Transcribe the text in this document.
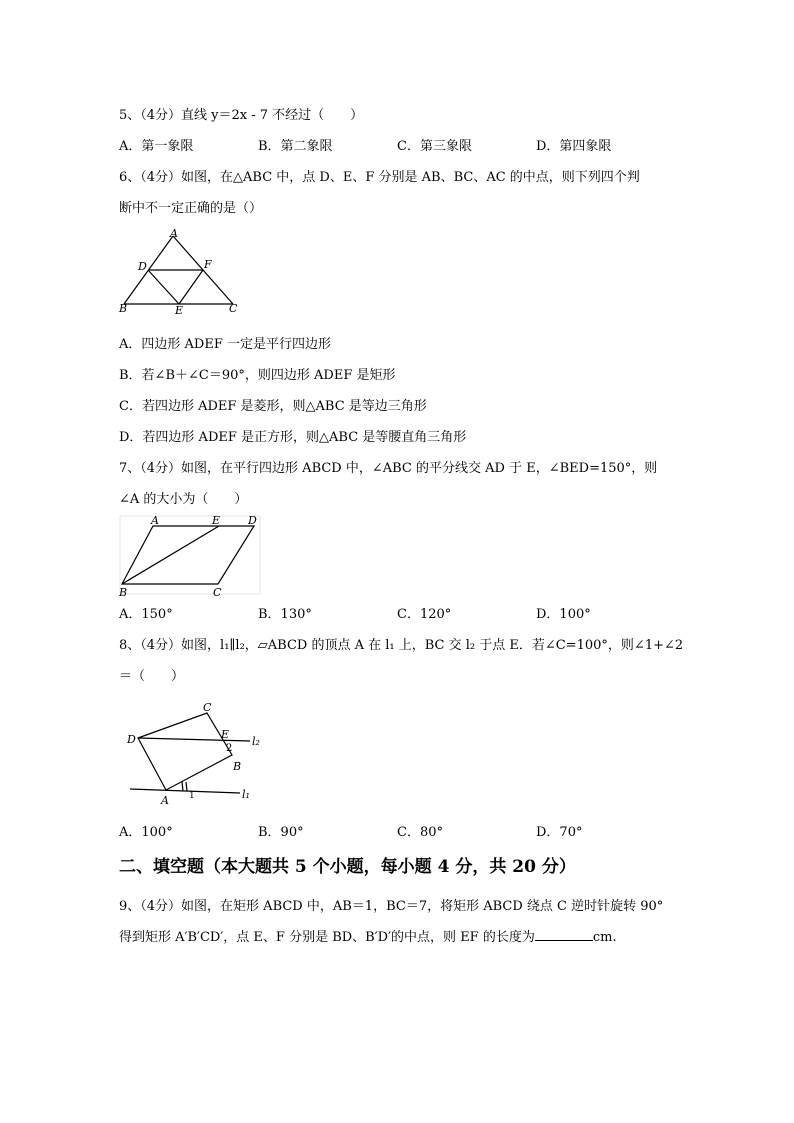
5、（4分）直线 y＝2x - 7 不经过（　　）
A．第一象限	B．第二象限	C．第三象限	D．第四象限
6、（4分）如图，在△ABC 中，点 D、E、F 分别是 AB、BC、AC 的中点，则下列四个判
断中不一定正确的是（）
A
D	F
B	E	C
A．四边形 ADEF 一定是平行四边形
B．若∠B＋∠C＝90°，则四边形 ADEF 是矩形
C．若四边形 ADEF 是菱形，则△ABC 是等边三角形
D．若四边形 ADEF 是正方形，则△ABC 是等腰直角三角形
7、（4分）如图，在平行四边形 ABCD 中，∠ABC 的平分线交 AD 于 E，∠BED=150°，则
∠A 的大小为（　　）
A	E	D
B	C
A．150°	B．130°	C．120°	D．100°
8、（4分）如图，l₁∥l₂，▱ABCD 的顶点 A 在 l₁ 上，BC 交 l₂ 于点 E．若∠C=100°，则∠1+∠2
＝（　　）
C
D	E
l₂
2
B
A 1	l₁
A．100°	B．90°	C．80°	D．70°
二、填空题（本大题共 5 个小题，每小题 4 分，共 20 分）
9、（4分）如图，在矩形 ABCD 中，AB＝1，BC＝7，将矩形 ABCD 绕点 C 逆时针旋转 90°
得到矩形 A′B′CD′，点 E、F 分别是 BD、B′D′的中点，则 EF 的长度为	cm.
